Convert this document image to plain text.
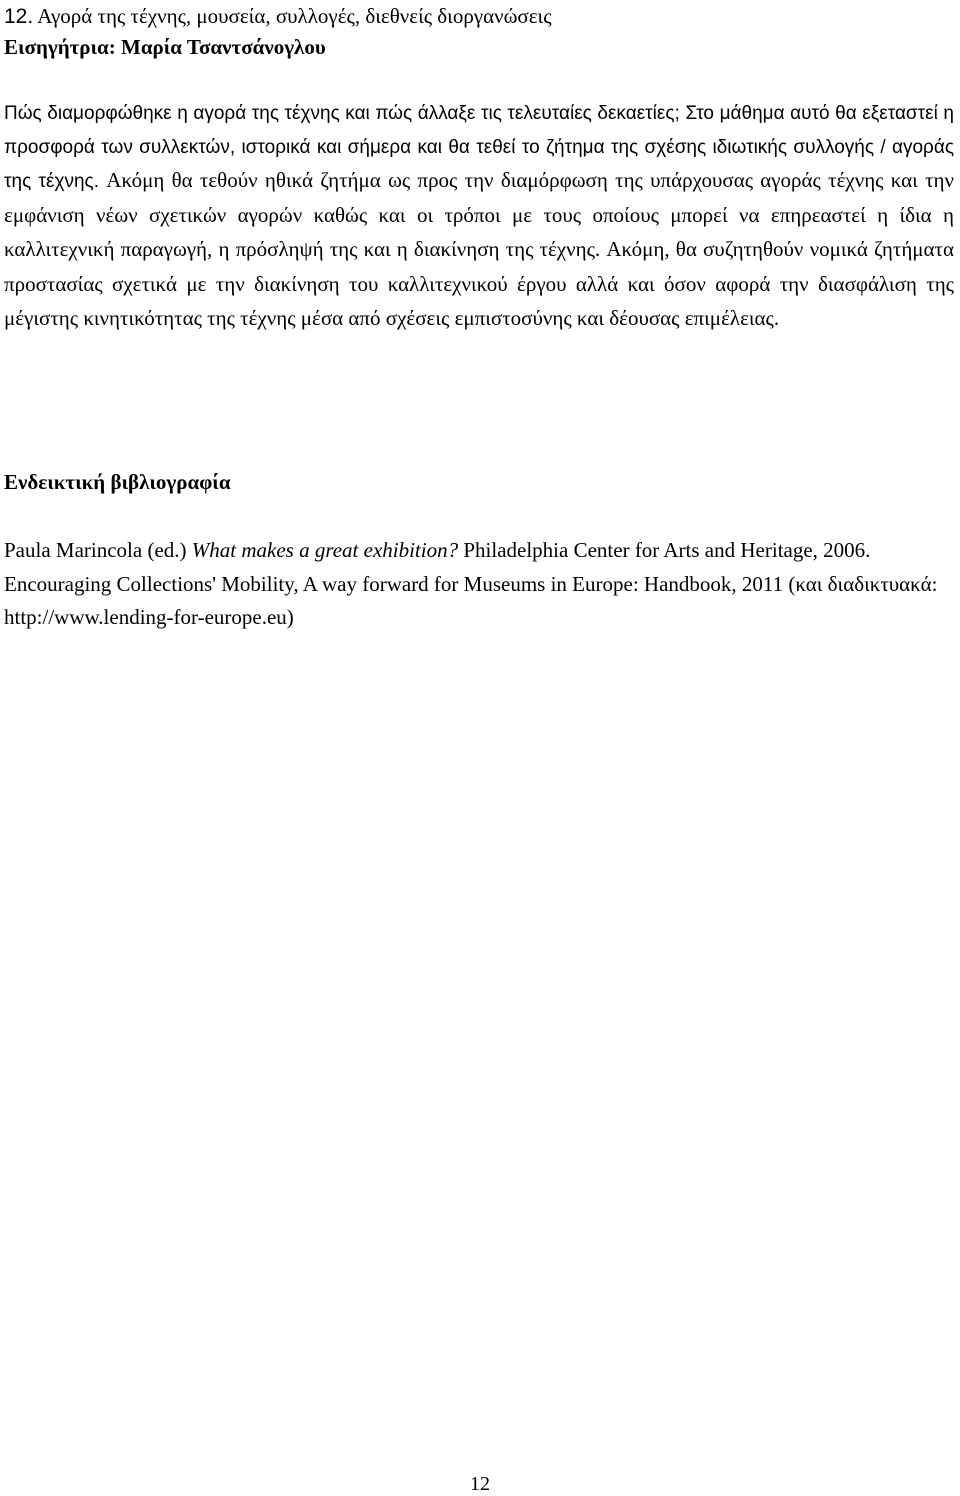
12. Αγορά της τέχνης, μουσεία, συλλογές, διεθνείς διοργανώσεις
Εισηγήτρια: Μαρία Τσαντσάνογλου

Πώς διαμορφώθηκε η αγορά της τέχνης και πώς άλλαξε τις τελευταίες δεκαετίες; Στο μάθημα αυτό θα εξεταστεί η προσφορά των συλλεκτών, ιστορικά και σήμερα και θα τεθεί το ζήτημα της σχέσης ιδιωτικής συλλογής / αγοράς της τέχνης. Ακόμη θα τεθούν ηθικά ζητήμα ως προς την διαμόρφωση της υπάρχουσας αγοράς τέχνης και την εμφάνιση νέων σχετικών αγορών καθώς και οι τρόποι με τους οποίους μπορεί να επηρεαστεί η ίδια η καλλιτεχνική παραγωγή, η πρόσληψή της και η διακίνηση της τέχνης. Ακόμη, θα συζητηθούν νομικά ζητήματα προστασίας σχετικά με την διακίνηση του καλλιτεχνικού έργου αλλά και όσον αφορά την διασφάλιση της μέγιστης κινητικότητας της τέχνης μέσα από σχέσεις εμπιστοσύνης και δέουσας επιμέλειας.

Ενδεικτική βιβλιογραφία
Paula Marincola (ed.) What makes a great exhibition? Philadelphia Center for Arts and Heritage, 2006.
Encouraging Collections' Mobility, A way forward for Museums in Europe: Handbook, 2011 (και διαδικτυακά: http://www.lending-for-europe.eu)
12
